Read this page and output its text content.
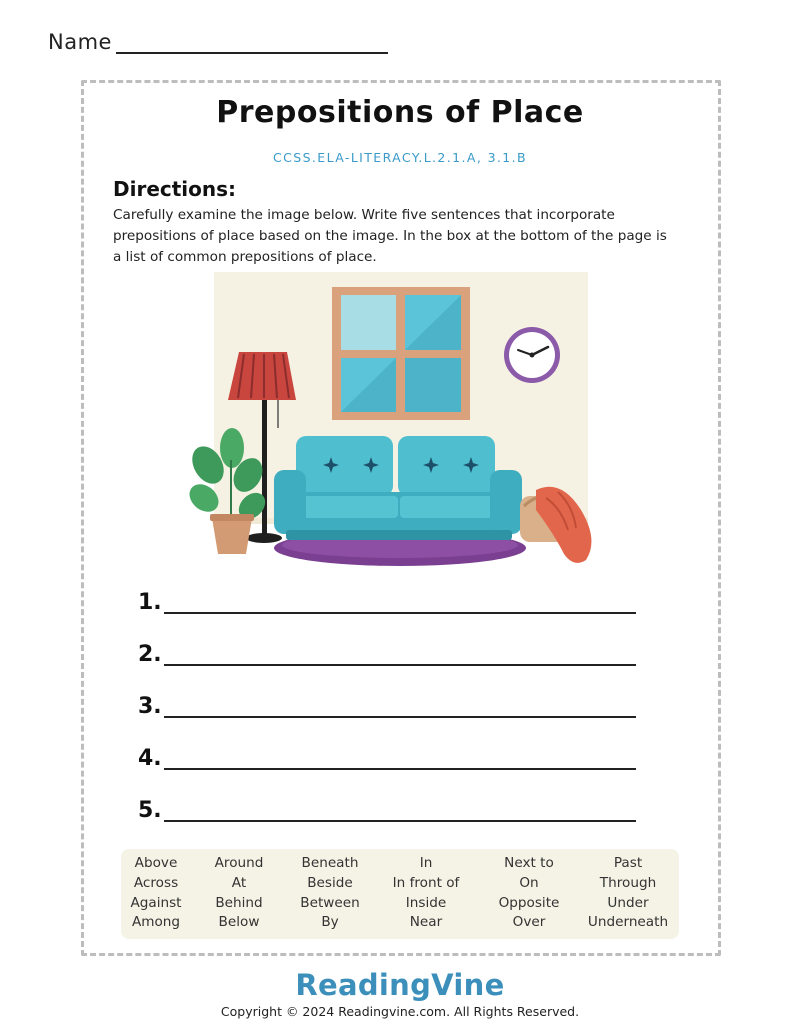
Name
Prepositions of Place
CCSS.ELA-LITERACY.L.2.1.A, 3.1.B
Directions:
Carefully examine the image below. Write five sentences that incorporate prepositions of place based on the image. In the box at the bottom of the page is a list of common prepositions of place.
1.
2.
3.
4.
5.
Above
Across
Against
Among
Around
At
Behind
Below
Beneath
Beside
Between
By
In
In front of
Inside
Near
Next to
On
Opposite
Over
Past
Through
Under
Underneath
ReadingVine
Copyright © 2024 Readingvine.com. All Rights Reserved.
